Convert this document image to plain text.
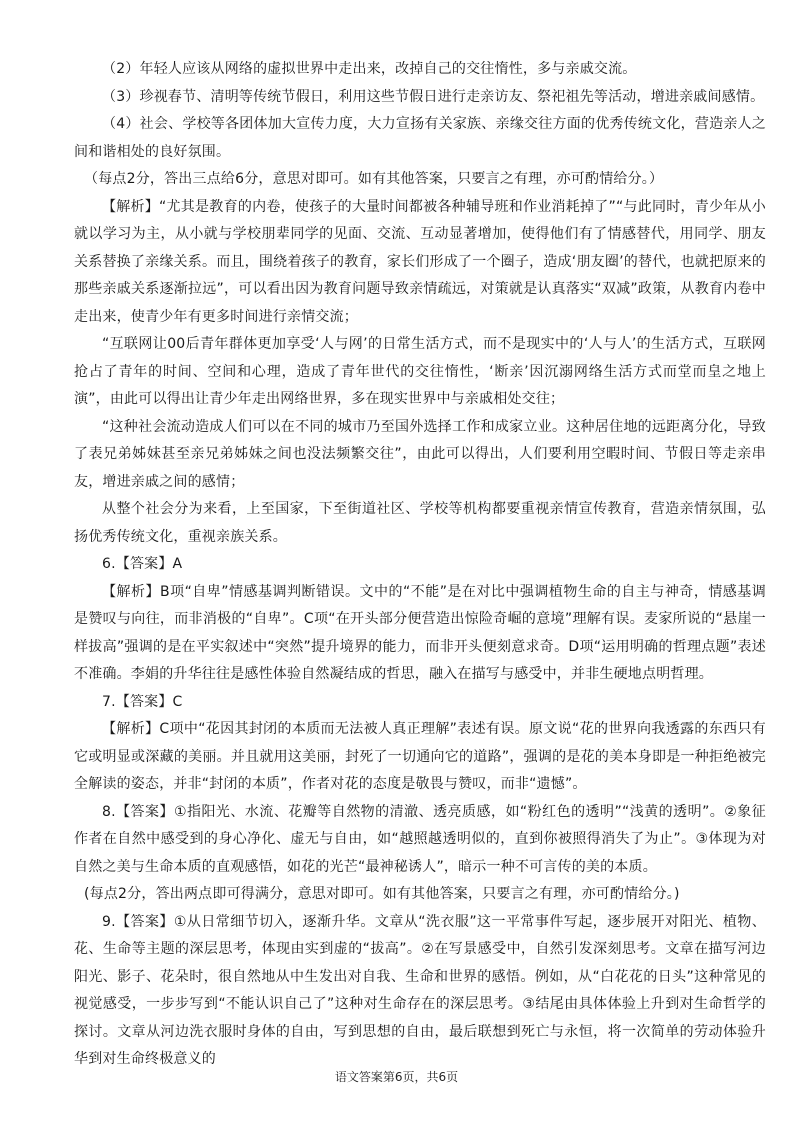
（2）年轻人应该从网络的虚拟世界中走出来，改掉自己的交往惰性，多与亲戚交流。

（3）珍视春节、清明等传统节假日，利用这些节假日进行走亲访友、祭祀祖先等活动，增进亲戚间感情。

（4）社会、学校等各团体加大宣传力度，大力宣扬有关家族、亲缘交往方面的优秀传统文化，营造亲人之间和谐相处的良好氛围。

（每点2分，答出三点给6分，意思对即可。如有其他答案，只要言之有理，亦可酌情给分。）

【解析】“尤其是教育的内卷，使孩子的大量时间都被各种辅导班和作业消耗掉了”“与此同时，青少年从小就以学习为主，从小就与学校朋辈同学的见面、交流、互动显著增加，使得他们有了情感替代，用同学、朋友关系替换了亲缘关系。而且，围绕着孩子的教育，家长们形成了一个圈子，造成‘朋友圈’的替代，也就把原来的那些亲戚关系逐渐拉远”，可以看出因为教育问题导致亲情疏远，对策就是认真落实“双减”政策，从教育内卷中走出来，使青少年有更多时间进行亲情交流；

“互联网让00后青年群体更加享受‘人与网’的日常生活方式，而不是现实中的‘人与人’的生活方式，互联网抢占了青年的时间、空间和心理，造成了青年世代的交往惰性，‘断亲’因沉溺网络生活方式而堂而皇之地上演”，由此可以得出让青少年走出网络世界，多在现实世界中与亲戚相处交往；

“这种社会流动造成人们可以在不同的城市乃至国外选择工作和成家立业。这种居住地的远距离分化，导致了表兄弟姊妹甚至亲兄弟姊妹之间也没法频繁交往”，由此可以得出，人们要利用空暇时间、节假日等走亲串友，增进亲戚之间的感情；

从整个社会分为来看，上至国家，下至街道社区、学校等机构都要重视亲情宣传教育，营造亲情氛围，弘扬优秀传统文化，重视亲族关系。

6.【答案】A

【解析】B项“自卑”情感基调判断错误。文中的“不能”是在对比中强调植物生命的自主与神奇，情感基调是赞叹与向往，而非消极的“自卑”。C项“在开头部分便营造出惊险奇崛的意境”理解有误。麦家所说的“悬崖一样拔高”强调的是在平实叙述中“突然”提升境界的能力，而非开头便刻意求奇。D项“运用明确的哲理点题”表述不准确。李娟的升华往往是感性体验自然凝结成的哲思，融入在描写与感受中，并非生硬地点明哲理。

7.【答案】C

【解析】C项中“花因其封闭的本质而无法被人真正理解”表述有误。原文说“花的世界向我透露的东西只有它或明显或深藏的美丽。并且就用这美丽，封死了一切通向它的道路”，强调的是花的美本身即是一种拒绝被完全解读的姿态，并非“封闭的本质”，作者对花的态度是敬畏与赞叹，而非“遗憾”。

8.【答案】①指阳光、水流、花瓣等自然物的清澈、透亮质感，如“粉红色的透明”“浅黄的透明”。②象征作者在自然中感受到的身心净化、虚无与自由，如“越照越透明似的，直到你被照得消失了为止”。③体现为对自然之美与生命本质的直观感悟，如花的光芒“最神秘诱人”，暗示一种不可言传的美的本质。

(每点2分，答出两点即可得满分，意思对即可。如有其他答案，只要言之有理，亦可酌情给分。)

9.【答案】①从日常细节切入，逐渐升华。文章从“洗衣服”这一平常事件写起，逐步展开对阳光、植物、花、生命等主题的深层思考，体现由实到虚的“拔高”。②在写景感受中，自然引发深刻思考。文章在描写河边阳光、影子、花朵时，很自然地从中生发出对自我、生命和世界的感悟。例如，从“白花花的日头”这种常见的视觉感受，一步步写到“不能认识自己了”这种对生命存在的深层思考。③结尾由具体体验上升到对生命哲学的探讨。文章从河边洗衣服时身体的自由，写到思想的自由，最后联想到死亡与永恒，将一次简单的劳动体验升华到对生命终极意义的

语文答案第6页，共6页
